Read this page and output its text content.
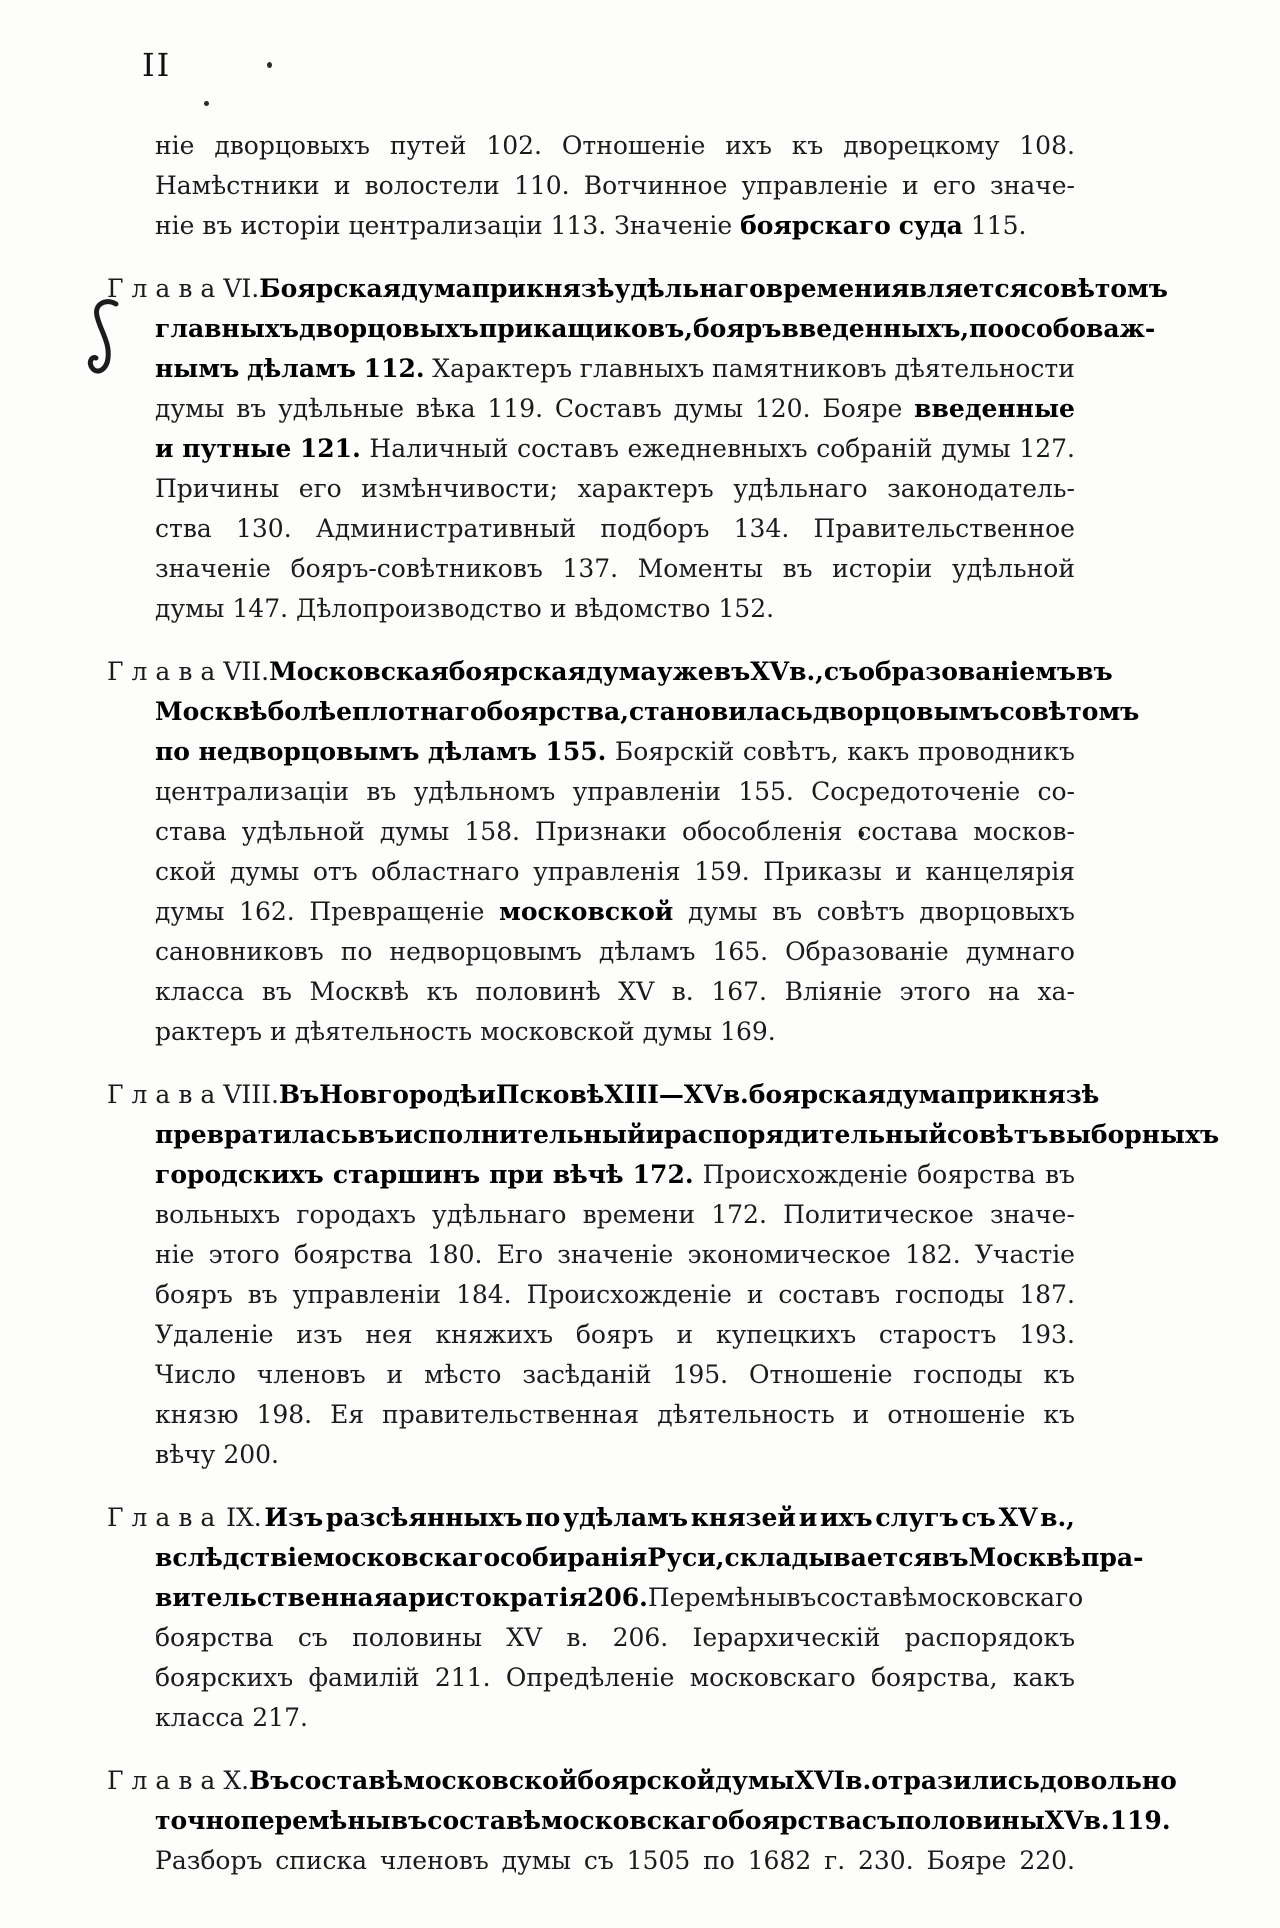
II
ніе дворцовыхъ путей 102. Отношеніе ихъ къ дворецкому 108.
Намѣстники и волостели 110. Вотчинное управленіе и его значе-
ніе въ исторіи централизаціи 113. Значеніе боярскаго суда 115.
Глава VI. Боярская дума при князѣ удѣльнаго времени является совѣтомъ
главныхъ дворцовыхъ прикащиковъ, бояръ введенныхъ, по особо важ-
нымъ дѣламъ 112. Характеръ главныхъ памятниковъ дѣятельности
думы въ удѣльные вѣка 119. Составъ думы 120. Бояре введенные
и путные 121. Наличный составъ ежедневныхъ собраній думы 127.
Причины его измѣнчивости; характеръ удѣльнаго законодатель-
ства 130. Административный подборъ 134. Правительственное
значеніе бояръ-совѣтниковъ 137. Моменты въ исторіи удѣльной
думы 147. Дѣлопроизводство и вѣдомство 152.
Глава VII. Московская боярская дума уже въ XV в., съ образованіемъ въ
Москвѣ болѣе плотнаго боярства, становилась дворцовымъ совѣтомъ
по недворцовымъ дѣламъ 155. Боярскій совѣтъ, какъ проводникъ
централизаціи въ удѣльномъ управленіи 155. Сосредоточеніе со-
става удѣльной думы 158. Признаки обособленія состава москов-
ской думы отъ областнаго управленія 159. Приказы и канцелярія
думы 162. Превращеніе московской думы въ совѣтъ дворцовыхъ
сановниковъ по недворцовымъ дѣламъ 165. Образованіе думнаго
класса въ Москвѣ къ половинѣ XV в. 167. Вліяніе этого на ха-
рактеръ и дѣятельность московской думы 169.
Глава VIII. Въ Новгородѣ и Псковѣ XIII—XV в. боярская дума при князѣ
превратилась въ исполнительный и распорядительный совѣтъ выборныхъ
городскихъ старшинъ при вѣчѣ 172. Происхожденіе боярства въ
вольныхъ городахъ удѣльнаго времени 172. Политическое значе-
ніе этого боярства 180. Его значеніе экономическое 182. Участіе
бояръ въ управленіи 184. Происхожденіе и составъ господы 187.
Удаленіе изъ нея княжихъ бояръ и купецкихъ старостъ 193.
Число членовъ и мѣсто засѣданій 195. Отношеніе господы къ
князю 198. Ея правительственная дѣятельность и отношеніе къ
вѣчу 200.
Глава IX. Изъ разсѣянныхъ по удѣламъ князей и ихъ слугъ съ XV в.,
вслѣдствіе московскаго собиранія Руси, складывается въ Москвѣ пра-
вительственная аристократія 206. Перемѣны въ составѣ московскаго
боярства съ половины XV в. 206. Іерархическій распорядокъ
боярскихъ фамилій 211. Опредѣленіе московскаго боярства, какъ
класса 217.
Глава X. Въ составѣ московской боярской думы XVI в. отразились довольно
точно перемѣны въ составѣ московскаго боярства съ половины XV в. 119.
Разборъ списка членовъ думы съ 1505 по 1682 г. 230. Бояре 220.
